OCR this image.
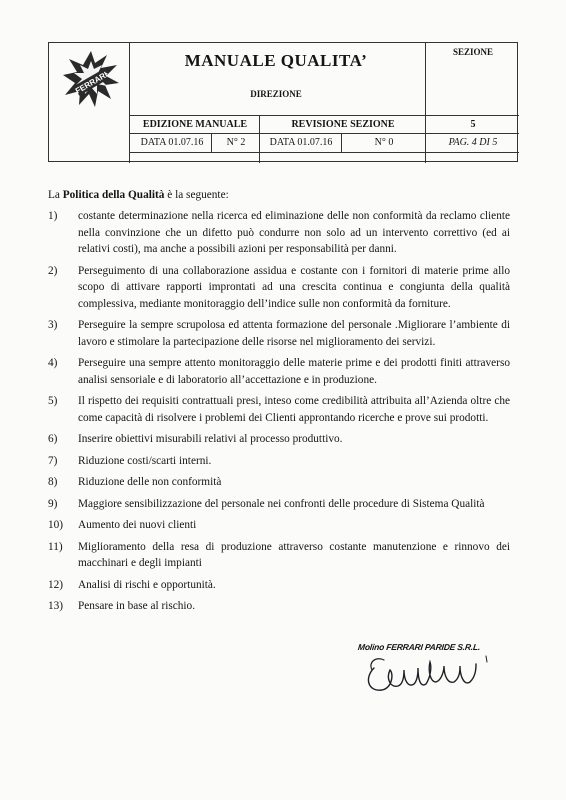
FERRARI
MANUALE QUALITA’
DIREZIONE
SEZIONE
EDIZIONE MANUALE	REVISIONE SEZIONE	5
DATA 01.07.16	N° 2	DATA 01.07.16	N° 0	PAG. 4 DI 5
La Politica della Qualità è la seguente:
1)	costante determinazione nella ricerca ed eliminazione delle non conformità da reclamo cliente nella convinzione che un difetto può condurre non solo ad un intervento correttivo (ed ai relativi costi), ma anche a possibili azioni per responsabilità per danni.
2)	Perseguimento di una collaborazione assidua e costante con i fornitori di materie prime allo scopo di attivare rapporti improntati ad una crescita continua e congiunta della qualità complessiva, mediante monitoraggio dell’indice sulle non conformità da forniture.
3)	Perseguire la sempre scrupolosa ed attenta formazione del personale .Migliorare l’ambiente di lavoro e stimolare la partecipazione delle risorse nel miglioramento dei servizi.
4)	Perseguire una sempre attento monitoraggio delle materie prime e dei prodotti finiti attraverso analisi sensoriale e di laboratorio all’accettazione e in produzione.
5)	Il rispetto dei requisiti contrattuali presi, inteso come credibilità attribuita all’Azienda oltre che come capacità di risolvere i problemi dei Clienti approntando ricerche e prove sui prodotti.
6)	Inserire obiettivi misurabili relativi al processo produttivo.
7)	Riduzione costi/scarti interni.
8)	Riduzione delle non conformità
9)	Maggiore sensibilizzazione del personale nei confronti delle procedure di Sistema Qualità
10)	Aumento dei nuovi clienti
11)	Miglioramento della resa di produzione attraverso costante manutenzione e rinnovo dei macchinari e degli impianti
12)	Analisi di rischi e opportunità.
13)	Pensare in base al rischio.
Molino FERRARI PARIDE S.R.L.
